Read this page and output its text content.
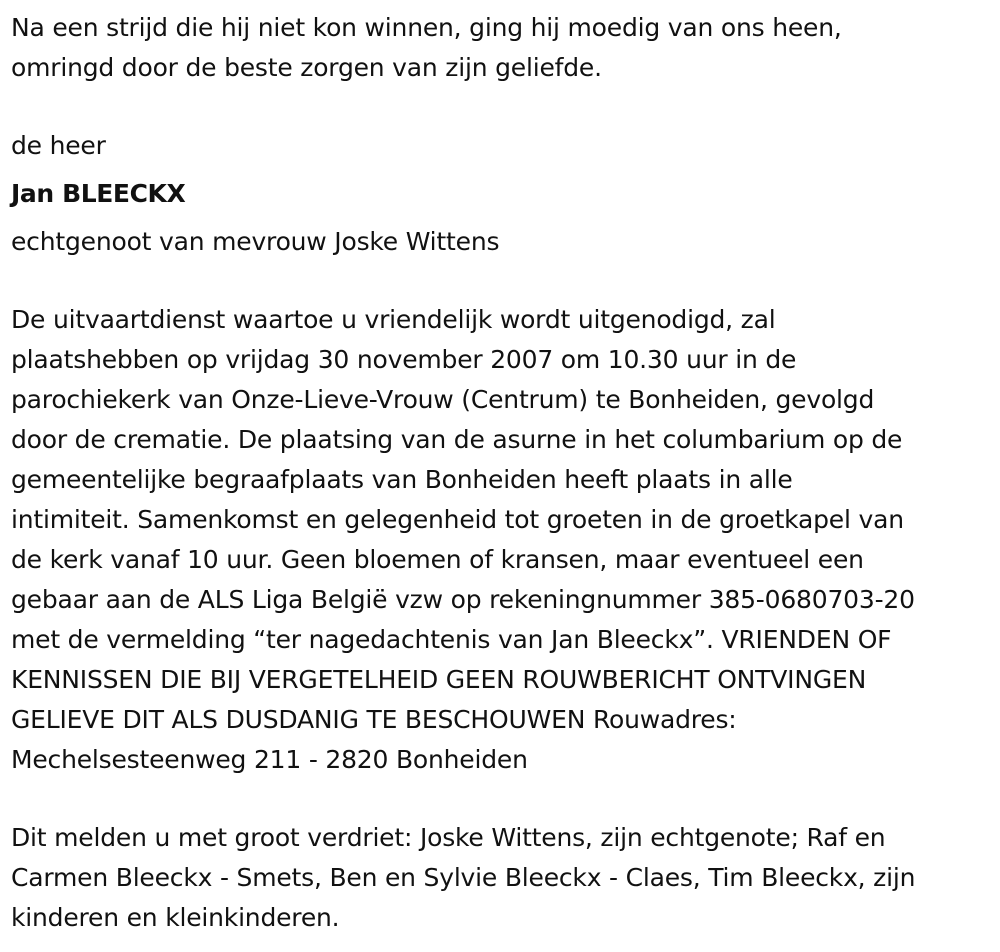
Na een strijd die hij niet kon winnen, ging hij moedig van ons heen,
omringd door de beste zorgen van zijn geliefde.
de heer
Jan BLEECKX
echtgenoot van mevrouw Joske Wittens
De uitvaartdienst waartoe u vriendelijk wordt uitgenodigd, zal
plaatshebben op vrijdag 30 november 2007 om 10.30 uur in de
parochiekerk van Onze-Lieve-Vrouw (Centrum) te Bonheiden, gevolgd
door de crematie. De plaatsing van de asurne in het columbarium op de
gemeentelijke begraafplaats van Bonheiden heeft plaats in alle
intimiteit. Samenkomst en gelegenheid tot groeten in de groetkapel van
de kerk vanaf 10 uur. Geen bloemen of kransen, maar eventueel een
gebaar aan de ALS Liga België vzw op rekeningnummer 385-0680703-20
met de vermelding “ter nagedachtenis van Jan Bleeckx”. VRIENDEN OF
KENNISSEN DIE BIJ VERGETELHEID GEEN ROUWBERICHT ONTVINGEN
GELIEVE DIT ALS DUSDANIG TE BESCHOUWEN Rouwadres:
Mechelsesteenweg 211 - 2820 Bonheiden
Dit melden u met groot verdriet: Joske Wittens, zijn echtgenote; Raf en
Carmen Bleeckx - Smets, Ben en Sylvie Bleeckx - Claes, Tim Bleeckx, zijn
kinderen en kleinkinderen.
